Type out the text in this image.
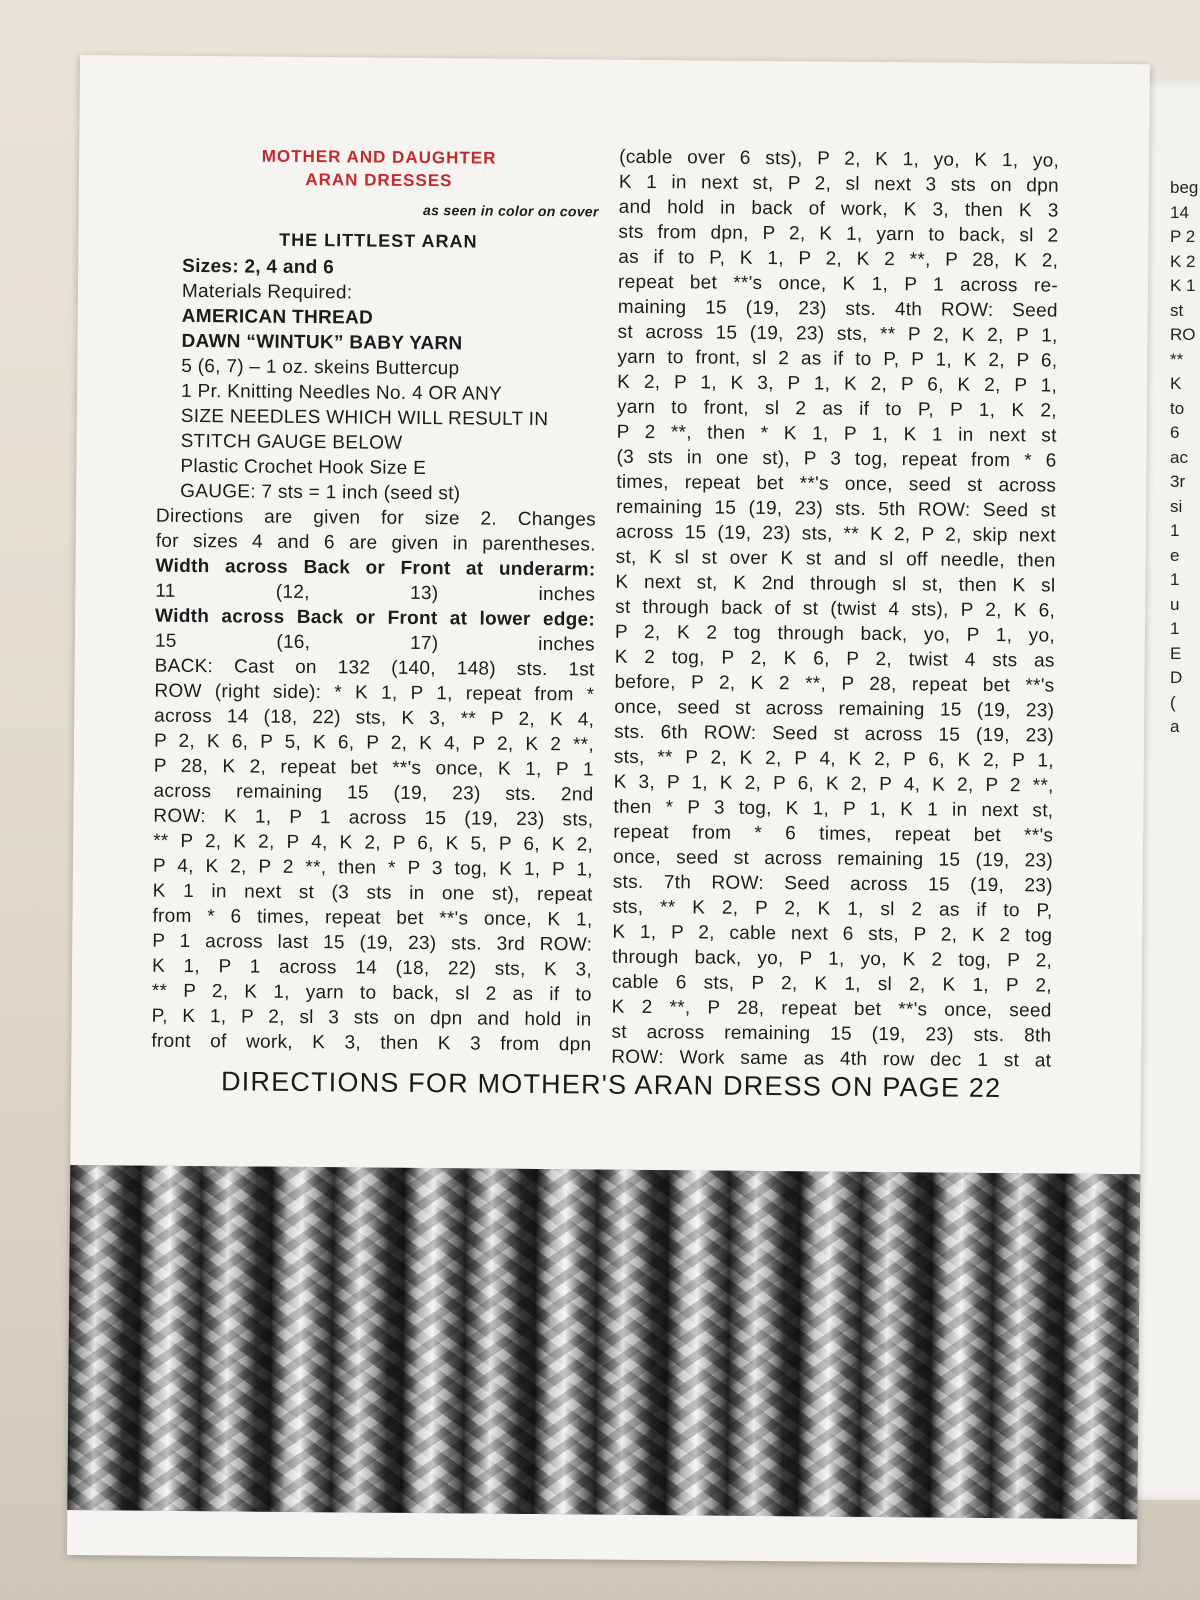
beg
14
P 2
K 2
K 1
st
RO
**
K
to
6
ac
3r
si
1
e
1
u
1
E
D
(
a
MOTHER AND DAUGHTER
ARAN DRESSES
as seen in color on cover
THE LITTLEST ARAN
Sizes: 2, 4 and 6
Materials Required:
AMERICAN THREAD
DAWN “WINTUK” BABY YARN
5 (6, 7) – 1 oz. skeins Buttercup
1 Pr. Knitting Needles No. 4 OR ANY
SIZE NEEDLES WHICH WILL RESULT IN
STITCH GAUGE BELOW
Plastic Crochet Hook Size E
GAUGE: 7 sts = 1 inch (seed st)
Directions are given for size 2. Changes
for sizes 4 and 6 are given in parentheses.
Width across Back or Front at underarm:
11 (12, 13) inches
Width across Back or Front at lower edge:
15 (16, 17) inches
BACK: Cast on 132 (140, 148) sts. 1st
ROW (right side): * K 1, P 1, repeat from *
across 14 (18, 22) sts, K 3, ** P 2, K 4,
P 2, K 6, P 5, K 6, P 2, K 4, P 2, K 2 **,
P 28, K 2, repeat bet **'s once, K 1, P 1
across remaining 15 (19, 23) sts. 2nd
ROW: K 1, P 1 across 15 (19, 23) sts,
** P 2, K 2, P 4, K 2, P 6, K 5, P 6, K 2,
P 4, K 2, P 2 **, then * P 3 tog, K 1, P 1,
K 1 in next st (3 sts in one st), repeat
from * 6 times, repeat bet **'s once, K 1,
P 1 across last 15 (19, 23) sts. 3rd ROW:
K 1, P 1 across 14 (18, 22) sts, K 3,
** P 2, K 1, yarn to back, sl 2 as if to
P, K 1, P 2, sl 3 sts on dpn and hold in
front of work, K 3, then K 3 from dpn
(cable over 6 sts), P 2, K 1, yo, K 1, yo,
K 1 in next st, P 2, sl next 3 sts on dpn
and hold in back of work, K 3, then K 3
sts from dpn, P 2, K 1, yarn to back, sl 2
as if to P, K 1, P 2, K 2 **, P 28, K 2,
repeat bet **'s once, K 1, P 1 across re-
maining 15 (19, 23) sts. 4th ROW: Seed
st across 15 (19, 23) sts, ** P 2, K 2, P 1,
yarn to front, sl 2 as if to P, P 1, K 2, P 6,
K 2, P 1, K 3, P 1, K 2, P 6, K 2, P 1,
yarn to front, sl 2 as if to P, P 1, K 2,
P 2 **, then * K 1, P 1, K 1 in next st
(3 sts in one st), P 3 tog, repeat from * 6
times, repeat bet **'s once, seed st across
remaining 15 (19, 23) sts. 5th ROW: Seed st
across 15 (19, 23) sts, ** K 2, P 2, skip next
st, K sl st over K st and sl off needle, then
K next st, K 2nd through sl st, then K sl
st through back of st (twist 4 sts), P 2, K 6,
P 2, K 2 tog through back, yo, P 1, yo,
K 2 tog, P 2, K 6, P 2, twist 4 sts as
before, P 2, K 2 **, P 28, repeat bet **'s
once, seed st across remaining 15 (19, 23)
sts. 6th ROW: Seed st across 15 (19, 23)
sts, ** P 2, K 2, P 4, K 2, P 6, K 2, P 1,
K 3, P 1, K 2, P 6, K 2, P 4, K 2, P 2 **,
then * P 3 tog, K 1, P 1, K 1 in next st,
repeat from * 6 times, repeat bet **'s
once, seed st across remaining 15 (19, 23)
sts. 7th ROW: Seed across 15 (19, 23)
sts, ** K 2, P 2, K 1, sl 2 as if to P,
K 1, P 2, cable next 6 sts, P 2, K 2 tog
through back, yo, P 1, yo, K 2 tog, P 2,
cable 6 sts, P 2, K 1, sl 2, K 1, P 2,
K 2 **, P 28, repeat bet **'s once, seed
st across remaining 15 (19, 23) sts. 8th
ROW: Work same as 4th row dec 1 st at
DIRECTIONS FOR MOTHER'S ARAN DRESS ON PAGE 22
